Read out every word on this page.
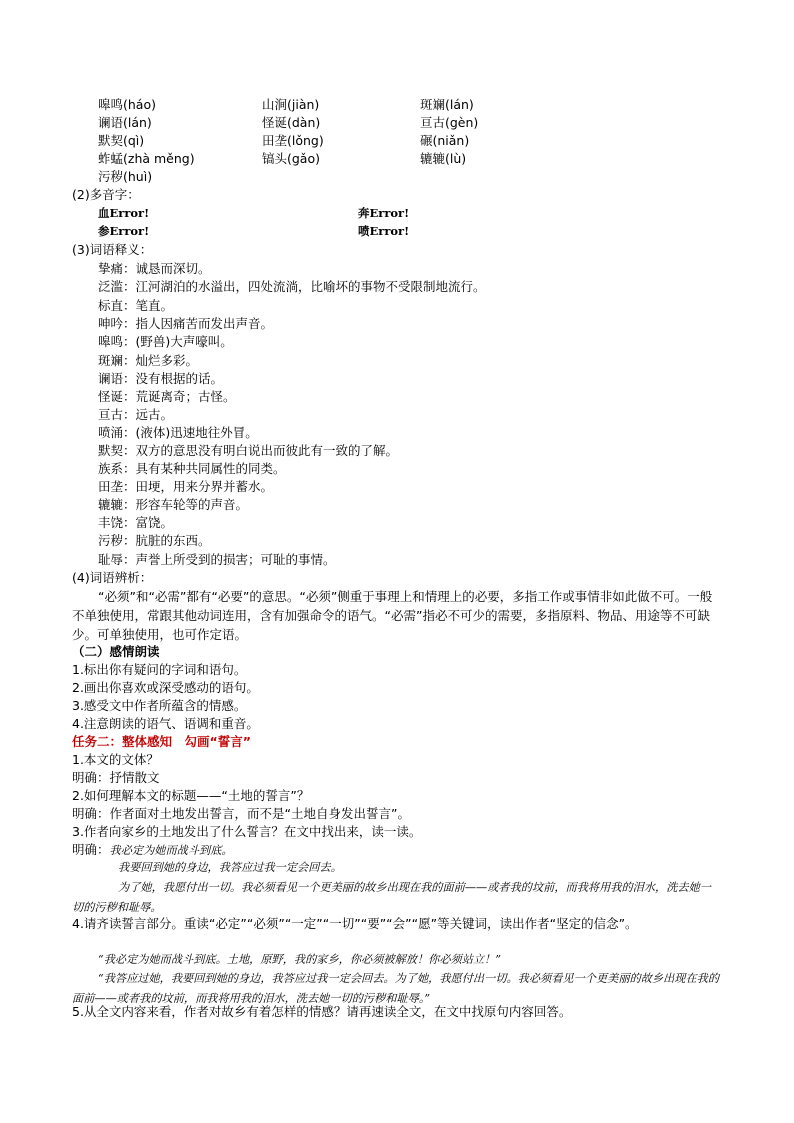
嗥鸣(háo)	山涧(jiàn)	斑斓(lán)
谰语(lán)	怪诞(dàn)	亘古(gèn)
默契(qì)	田垄(lǒng)	碾(niǎn)
蚱蜢(zhà měng)	镐头(gǎo)	辘辘(lù)
污秽(huì)
(2)多音字：
血Error!	奔Error!
参Error!	喷Error!
(3)词语释义：
挚痛：诚恳而深切。
泛滥：江河湖泊的水溢出，四处流淌，比喻坏的事物不受限制地流行。
标直：笔直。
呻吟：指人因痛苦而发出声音。
嗥鸣：(野兽)大声嚎叫。
斑斓：灿烂多彩。
谰语：没有根据的话。
怪诞：荒诞离奇；古怪。
亘古：远古。
喷涌：(液体)迅速地往外冒。
默契：双方的意思没有明白说出而彼此有一致的了解。
族系：具有某种共同属性的同类。
田垄：田埂，用来分界并蓄水。
辘辘：形容车轮等的声音。
丰饶：富饶。
污秽：肮脏的东西。
耻辱：声誉上所受到的损害；可耻的事情。
(4)词语辨析：
“必须”和“必需”都有“必要”的意思。“必须”侧重于事理上和情理上的必要，多指工作或事情非如此做不可。一般不单独使用，常跟其他动词连用，含有加强命令的语气。“必需”指必不可少的需要，多指原料、物品、用途等不可缺少。可单独使用，也可作定语。
（二）感情朗读
1.标出你有疑问的字词和语句。
2.画出你喜欢或深受感动的语句。
3.感受文中作者所蕴含的情感。
4.注意朗读的语气、语调和重音。
任务二：整体感知　勾画“誓言”
1.本文的文体？
明确：抒情散文
2.如何理解本文的标题——“土地的誓言”？
明确：作者面对土地发出誓言，而不是“土地自身发出誓言”。
3.作者向家乡的土地发出了什么誓言？在文中找出来，读一读。
明确：我必定为她而战斗到底。
我要回到她的身边，我答应过我一定会回去。
为了她，我愿付出一切。我必须看见一个更美丽的故乡出现在我的面前——或者我的坟前，而我将用我的泪水，洗去她一切的污秽和耻辱。
4.请齐读誓言部分。重读“必定”“必须”“一定”“一切”“要”“会”“愿”等关键词，读出作者“坚定的信念”。
“我必定为她而战斗到底。土地，原野，我的家乡，你必须被解放！你必须站立！”
“我答应过她，我要回到她的身边，我答应过我一定会回去。为了她，我愿付出一切。我必须看见一个更美丽的故乡出现在我的面前——或者我的坟前，而我将用我的泪水，洗去她一切的污秽和耻辱。”
5.从全文内容来看，作者对故乡有着怎样的情感？请再速读全文，在文中找原句内容回答。
